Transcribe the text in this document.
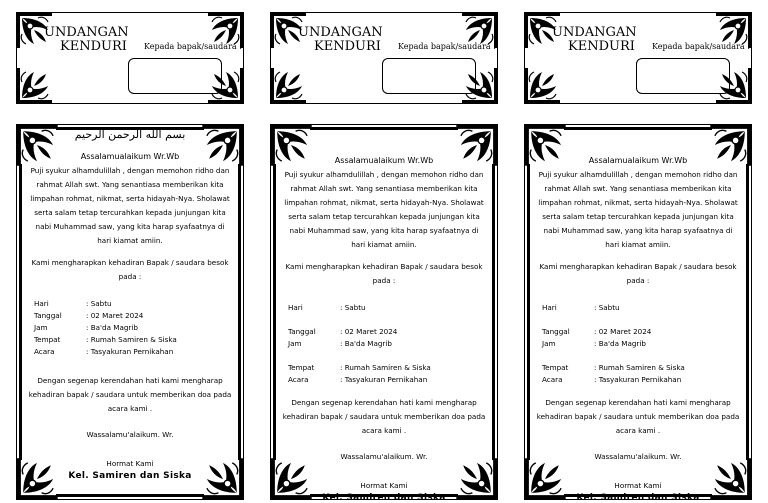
UNDANGAN
KENDURI Kepada bapak/saudara :
بسم الله الرحمن الرحيم
Assalamualaikum Wr.Wb
Puji syukur alhamdulillah , dengan memohon ridho dan rahmat Allah swt. Yang senantiasa memberikan kita limpahan rohmat, nikmat, serta hidayah-Nya. Sholawat serta salam tetap tercurahkan kepada junjungan kita nabi Muhammad saw, yang kita harap syafaatnya di hari kiamat amiin.
Kami mengharapkan kehadiran Bapak / saudara besok pada :
Hari	: Sabtu
Tanggal	: 02 Maret 2024
Jam	: Ba'da Magrib
Tempat	: Rumah Samiren & Siska
Acara	: Tasyakuran Pernikahan
Dengan segenap kerendahan hati kami mengharap kehadiran bapak / saudara untuk memberikan doa pada acara kami .
Wassalamu'alaikum. Wr.
Hormat Kami
Kel. Samiren dan Siska
UNDANGAN
KENDURI Kepada bapak/saudara :
Assalamualaikum Wr.Wb
Puji syukur alhamdulillah , dengan memohon ridho dan rahmat Allah swt. Yang senantiasa memberikan kita limpahan rohmat, nikmat, serta hidayah-Nya. Sholawat serta salam tetap tercurahkan kepada junjungan kita nabi Muhammad saw, yang kita harap syafaatnya di hari kiamat amiin.
Kami mengharapkan kehadiran Bapak / saudara besok pada :
Hari	: Sabtu
Tanggal	: 02 Maret 2024
Jam	: Ba'da Magrib
Tempat	: Rumah Samiren & Siska
Acara	: Tasyakuran Pernikahan
Dengan segenap kerendahan hati kami mengharap kehadiran bapak / saudara untuk memberikan doa pada acara kami .
Wassalamu'alaikum. Wr.
Hormat Kami
Kel. Samiren dan Siska
UNDANGAN
KENDURI Kepada bapak/saudara :
Assalamualaikum Wr.Wb
Puji syukur alhamdulillah , dengan memohon ridho dan rahmat Allah swt. Yang senantiasa memberikan kita limpahan rohmat, nikmat, serta hidayah-Nya. Sholawat serta salam tetap tercurahkan kepada junjungan kita nabi Muhammad saw, yang kita harap syafaatnya di hari kiamat amiin.
Kami mengharapkan kehadiran Bapak / saudara besok pada :
Hari	: Sabtu
Tanggal	: 02 Maret 2024
Jam	: Ba'da Magrib
Tempat	: Rumah Samiren & Siska
Acara	: Tasyakuran Pernikahan
Dengan segenap kerendahan hati kami mengharap kehadiran bapak / saudara untuk memberikan doa pada acara kami .
Wassalamu'alaikum. Wr.
Hormat Kami
Kel. Samiren dan Siska
